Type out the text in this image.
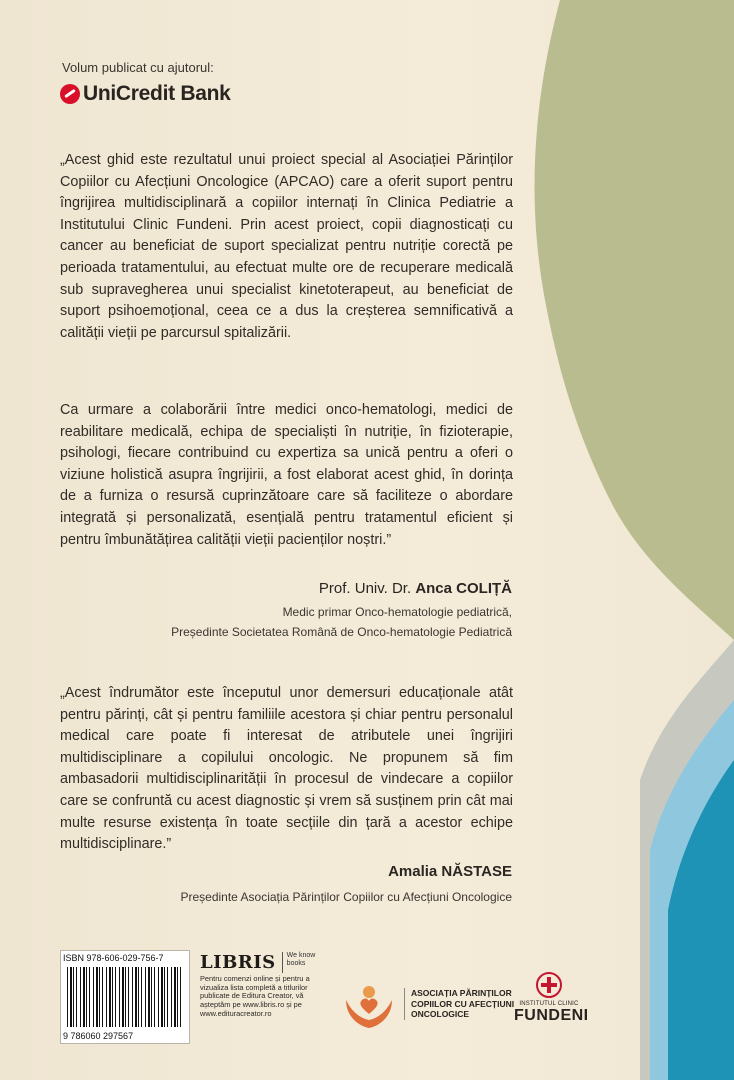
Volum publicat cu ajutorul:
UniCredit Bank
„Acest ghid este rezultatul unui proiect special al Asociației Părinților Copiilor cu Afecțiuni Oncologice (APCAO) care a oferit suport pentru îngrijirea multidisciplinară a copiilor internați în Clinica Pediatrie a Institutului Clinic Fundeni. Prin acest proiect, copii diagnosticați cu cancer au beneficiat de suport specializat pentru nutriție corectă pe perioada tratamentului, au efectuat multe ore de recuperare medicală sub supravegherea unui specialist kinetoterapeut, au beneficiat de suport psihoemoțional, ceea ce a dus la creșterea semnificativă a calității vieții pe parcursul spitalizării.
Ca urmare a colaborării între medici onco-hematologi, medici de reabilitare medicală, echipa de specialiști în nutriție, în fizioterapie, psihologi, fiecare contribuind cu expertiza sa unică pentru a oferi o viziune holistică asupra îngrijirii, a fost elaborat acest ghid, în dorința de a furniza o resursă cuprinzătoare care să faciliteze o abordare integrată și personalizată, esențială pentru tratamentul eficient și pentru îmbunătățirea calității vieții pacienților noștri.”
Prof. Univ. Dr. Anca COLIȚĂ
Medic primar Onco-hematologie pediatrică,
Președinte Societatea Română de Onco-hematologie Pediatrică
„Acest îndrumător este începutul unor demersuri educaționale atât pentru părinți, cât și pentru familiile acestora și chiar pentru personalul medical care poate fi interesat de atributele unei îngrijiri multidisciplinare a copilului oncologic. Ne propunem să fim ambasadorii multidisciplinarității în procesul de vindecare a copiilor care se confruntă cu acest diagnostic și vrem să susținem prin cât mai multe resurse existența în toate secțiile din țară a acestor echipe multidisciplinare.”
Amalia NĂSTASE
Președinte Asociația Părinților Copiilor cu Afecțiuni Oncologice
ISBN 978-606-029-756-7
9 786060 297567
LIBRIS We know books
Pentru comenzi online și pentru a vizualiza lista completă a titlurilor publicate de Editura Creator, vă așteptăm pe www.libris.ro și pe www.edituracreator.ro
ASOCIAȚIA PĂRINȚILOR COPIILOR CU AFECȚIUNI ONCOLOGICE
INSTITUTUL CLINIC
FUNDENI
